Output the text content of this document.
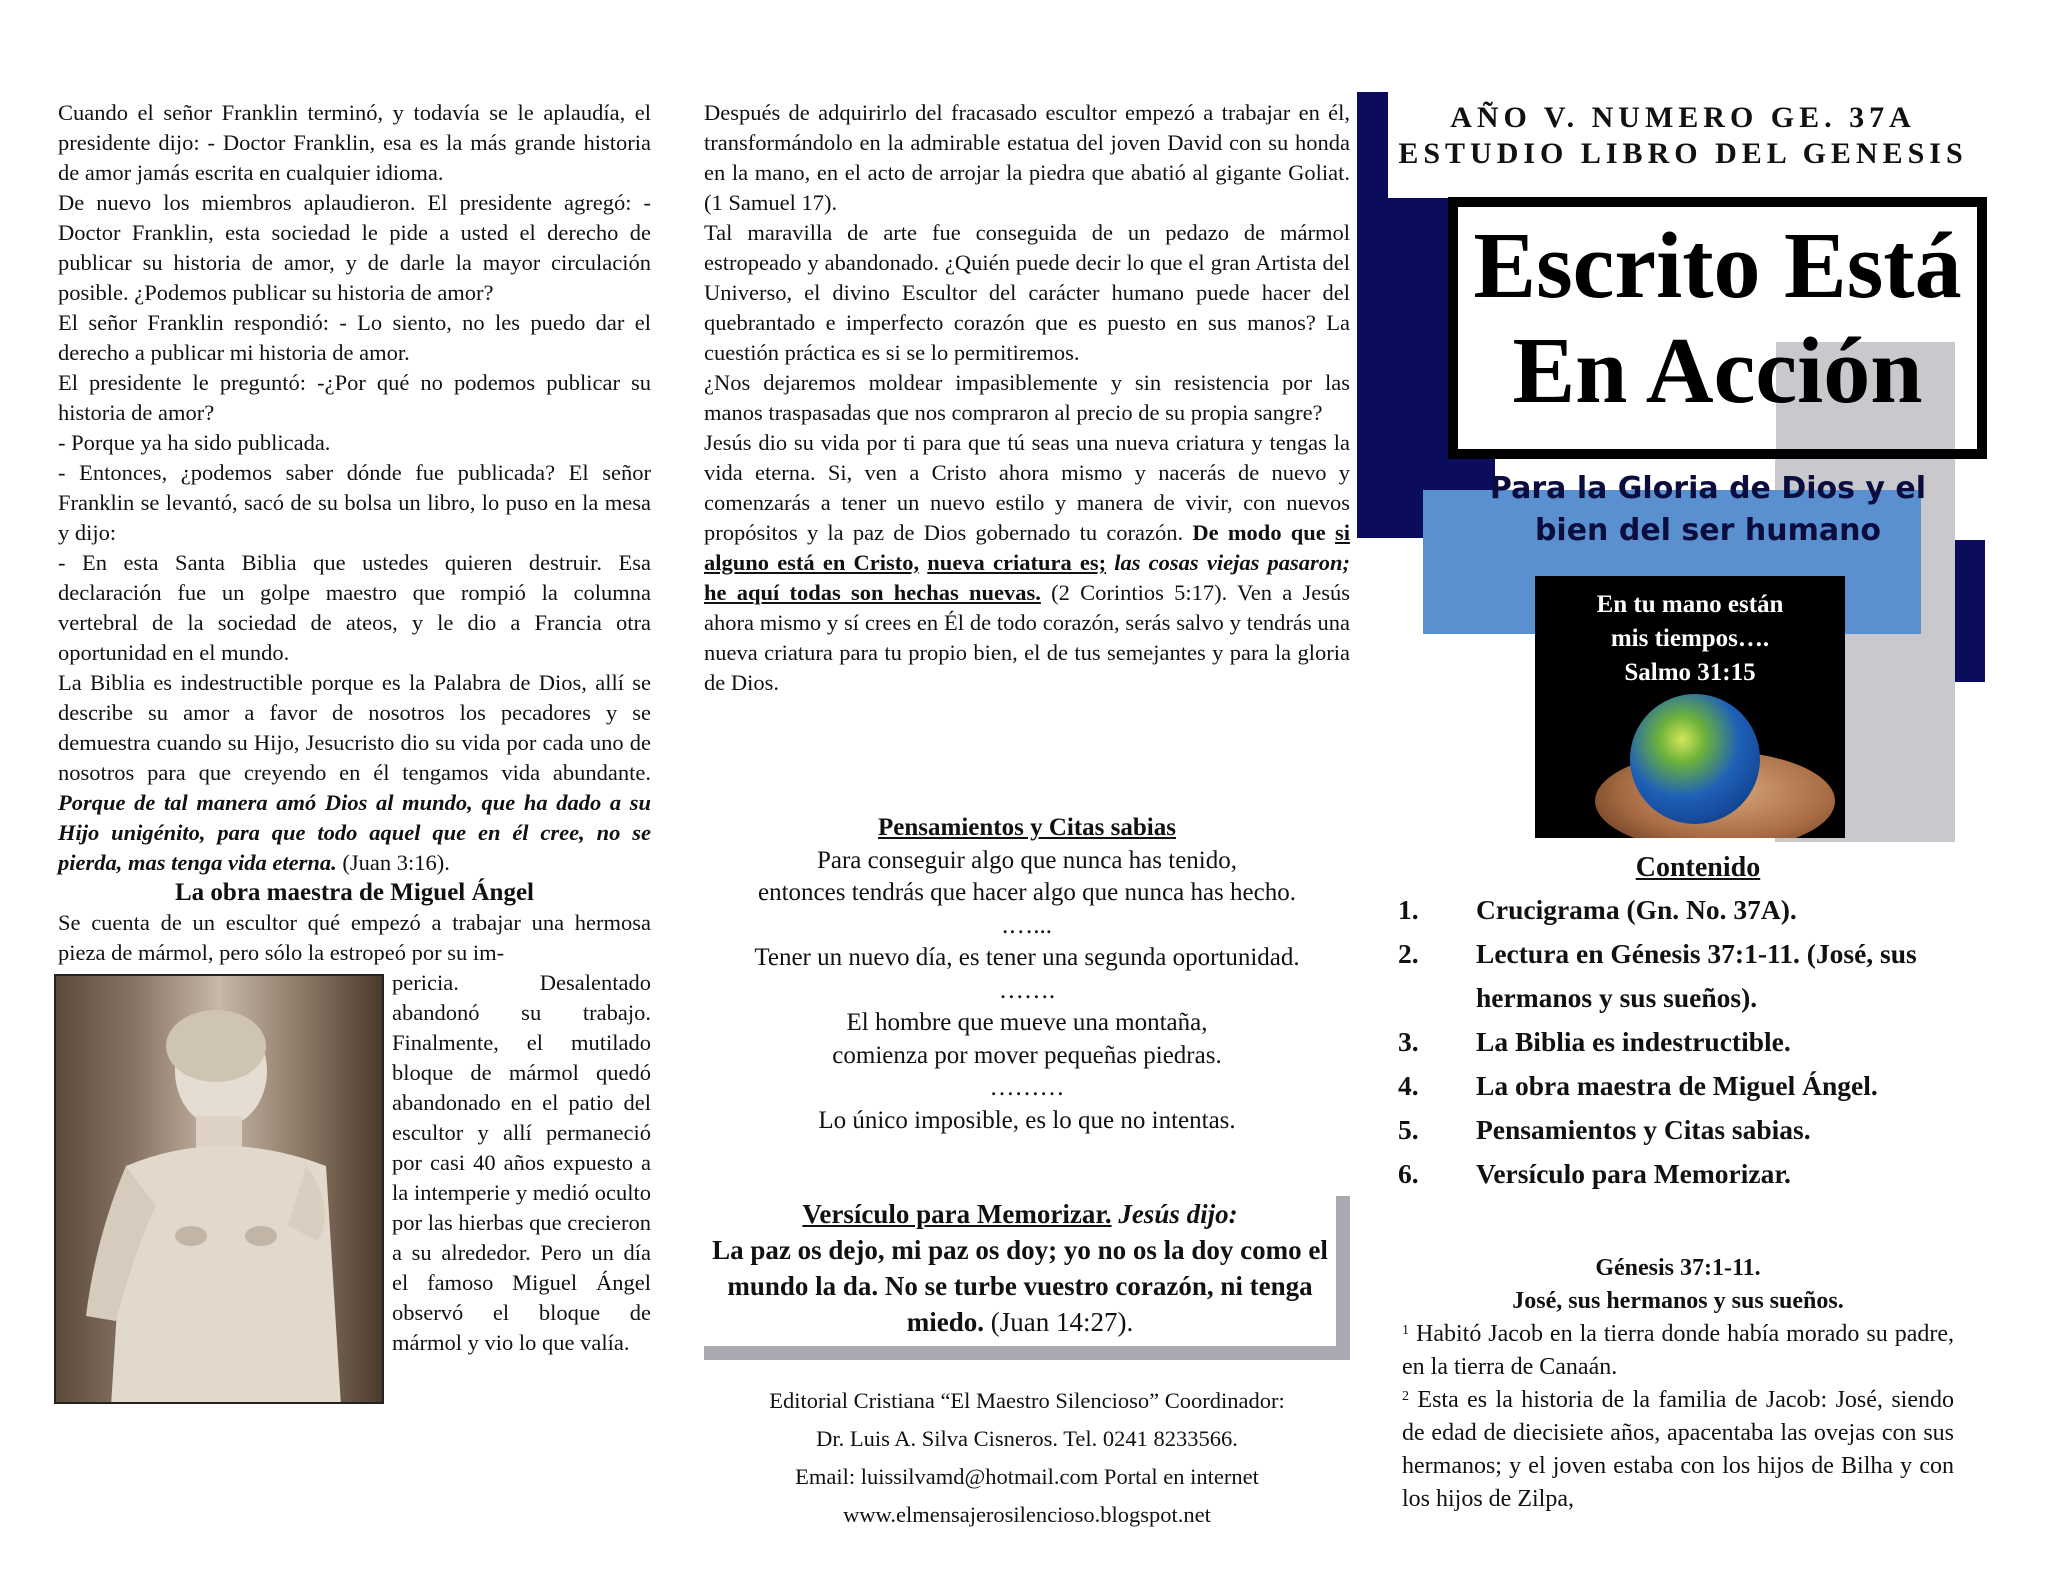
Cuando el señor Franklin terminó, y todavía se le aplaudía, el presidente dijo: - Doctor Franklin, esa es la más grande historia de amor jamás escrita en cualquier idioma.

De nuevo los miembros aplaudieron. El presidente agregó: - Doctor Franklin, esta sociedad le pide a usted el derecho de publicar su historia de amor, y de darle la mayor circulación posible. ¿Podemos publicar su historia de amor?

El señor Franklin respondió: - Lo siento, no les puedo dar el derecho a publicar mi historia de amor.

El presidente le preguntó: -¿Por qué no podemos publicar su historia de amor?

- Porque ya ha sido publicada.

- Entonces, ¿podemos saber dónde fue publicada? El señor Franklin se levantó, sacó de su bolsa un libro, lo puso en la mesa y dijo:

- En esta Santa Biblia que ustedes quieren destruir. Esa declaración fue un golpe maestro que rompió la columna vertebral de la sociedad de ateos, y le dio a Francia otra oportunidad en el mundo.

La Biblia es indestructible porque es la Palabra de Dios, allí se describe su amor a favor de nosotros los pecadores y se demuestra cuando su Hijo, Jesucristo dio su vida por cada uno de nosotros para que creyendo en él tengamos vida abundante. Porque de tal manera amó Dios al mundo, que ha dado a su Hijo unigénito, para que todo aquel que en él cree, no se pierda, mas tenga vida eterna. (Juan 3:16).

La obra maestra de Miguel Ángel

Se cuenta de un escultor qué empezó a trabajar una hermosa pieza de mármol, pero sólo la estropeó por su im-

pericia. Desalentado abandonó su trabajo. Finalmente, el mutilado bloque de mármol quedó abandonado en el patio del escultor y allí permaneció por casi 40 años expuesto a la intemperie y medió oculto por las hierbas que crecieron a su alrededor. Pero un día el famoso Miguel Ángel observó el bloque de mármol y vio lo que valía.

Después de adquirirlo del fracasado escultor empezó a trabajar en él, transformándolo en la admirable estatua del joven David con su honda en la mano, en el acto de arrojar la piedra que abatió al gigante Goliat. (1 Samuel 17).

Tal maravilla de arte fue conseguida de un pedazo de mármol estropeado y abandonado. ¿Quién puede decir lo que el gran Artista del Universo, el divino Escultor del carácter humano puede hacer del quebrantado e imperfecto corazón que es puesto en sus manos? La cuestión práctica es si se lo permitiremos.

¿Nos dejaremos moldear impasiblemente y sin resistencia por las manos traspasadas que nos compraron al precio de su propia sangre?

Jesús dio su vida por ti para que tú seas una nueva criatura y tengas la vida eterna. Si, ven a Cristo ahora mismo y nacerás de nuevo y comenzarás a tener un nuevo estilo y manera de vivir, con nuevos propósitos y la paz de Dios gobernado tu corazón. De modo que si alguno está en Cristo, nueva criatura es; las cosas viejas pasaron; he aquí todas son hechas nuevas. (2 Corintios 5:17). Ven a Jesús ahora mismo y sí crees en Él de todo corazón, serás salvo y tendrás una nueva criatura para tu propio bien, el de tus semejantes y para la gloria de Dios.

Pensamientos y Citas sabias
Para conseguir algo que nunca has tenido,
entonces tendrás que hacer algo que nunca has hecho.
.…...
Tener un nuevo día, es tener una segunda oportunidad.
…….
El hombre que mueve una montaña,
comienza por mover pequeñas piedras.
………
Lo único imposible, es lo que no intentas.
Versículo para Memorizar. Jesús dijo:
La paz os dejo, mi paz os doy; yo no os la doy como el mundo la da. No se turbe vuestro corazón, ni tenga miedo. (Juan 14:27).
Editorial Cristiana “El Maestro Silencioso” Coordinador:
Dr. Luis A. Silva Cisneros. Tel. 0241 8233566.
Email: luissilvamd@hotmail.com Portal en internet
www.elmensajerosilencioso.blogspot.net
AÑO V. NUMERO GE. 37A
ESTUDIO LIBRO DEL GENESIS
Escrito Está
En Acción
Para la Gloria de Dios y el
bien del ser humano
En tu mano están
mis tiempos….
Salmo 31:15
Contenido
1.	Crucigrama (Gn. No. 37A).
2.	Lectura en Génesis 37:1-11. (José, sus hermanos y sus sueños).
3.	La Biblia es indestructible.
4.	La obra maestra de Miguel Ángel.
5.	Pensamientos y Citas sabias.
6.	Versículo para Memorizar.
Génesis 37:1-11.
José, sus hermanos y sus sueños.
$^1$ Habitó Jacob en la tierra donde había morado su padre, en la tierra de Canaán.
$^2$ Esta es la historia de la familia de Jacob: José, siendo de edad de diecisiete años, apacentaba las ovejas con sus hermanos; y el joven estaba con los hijos de Bilha y con los hijos de Zilpa,
